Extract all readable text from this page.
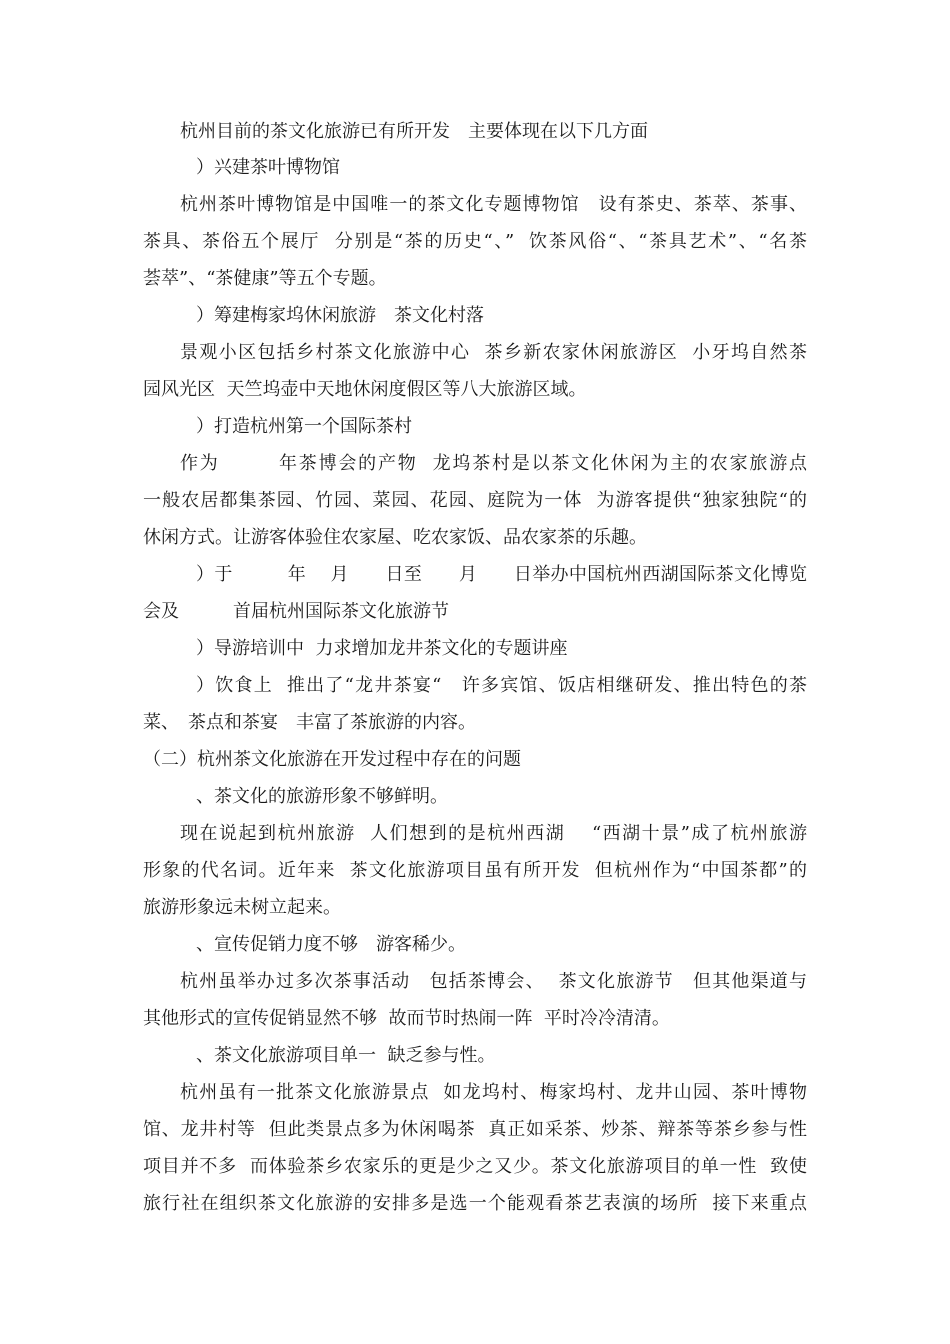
杭州目前的茶文化旅游已有所开发　主要体现在以下几方面
）兴建茶叶博物馆
杭州茶叶博物馆是中国唯一的茶文化专题博物馆　设有茶史、茶萃、茶事、
茶具、茶俗五个展厅  分别是“茶的历史“、”  饮茶风俗“、“茶具艺术”、“名茶
荟萃”、“茶健康”等五个专题。
）筹建梅家坞休闲旅游　茶文化村落
景观小区包括乡村茶文化旅游中心  茶乡新农家休闲旅游区  小牙坞自然茶
园风光区  天竺坞壶中天地休闲度假区等八大旅游区域。
）打造杭州第一个国际茶村
作为　　　年茶博会的产物  龙坞茶村是以茶文化休闲为主的农家旅游点
一般农居都集茶园、竹园、菜园、花园、庭院为一体  为游客提供“独家独院“的
休闲方式。让游客体验住农家屋、吃农家饭、品农家茶的乐趣。
）于　　　年　 月　　日至　　月　　日举办中国杭州西湖国际茶文化博览
会及　　　首届杭州国际茶文化旅游节
）导游培训中  力求增加龙井茶文化的专题讲座
）饮食上  推出了“龙井茶宴“　许多宾馆、饭店相继研发、推出特色的茶
菜、　茶点和茶宴　丰富了茶旅游的内容。
（二）杭州茶文化旅游在开发过程中存在的问题
、茶文化的旅游形象不够鲜明。
现在说起到杭州旅游  人们想到的是杭州西湖　 “西湖十景”成了杭州旅游
形象的代名词。近年来  茶文化旅游项目虽有所开发  但杭州作为“中国茶都”的
旅游形象远未树立起来。
、宣传促销力度不够　游客稀少。
杭州虽举办过多次茶事活动　包括茶博会、  茶文化旅游节　但其他渠道与
其他形式的宣传促销显然不够  故而节时热闹一阵  平时冷冷清清。
、茶文化旅游项目单一  缺乏参与性。
杭州虽有一批茶文化旅游景点  如龙坞村、梅家坞村、龙井山园、茶叶博物
馆、龙井村等  但此类景点多为休闲喝茶  真正如采茶、炒茶、辩茶等茶乡参与性
项目并不多  而体验茶乡农家乐的更是少之又少。茶文化旅游项目的单一性  致使
旅行社在组织茶文化旅游的安排多是选一个能观看茶艺表演的场所  接下来重点
